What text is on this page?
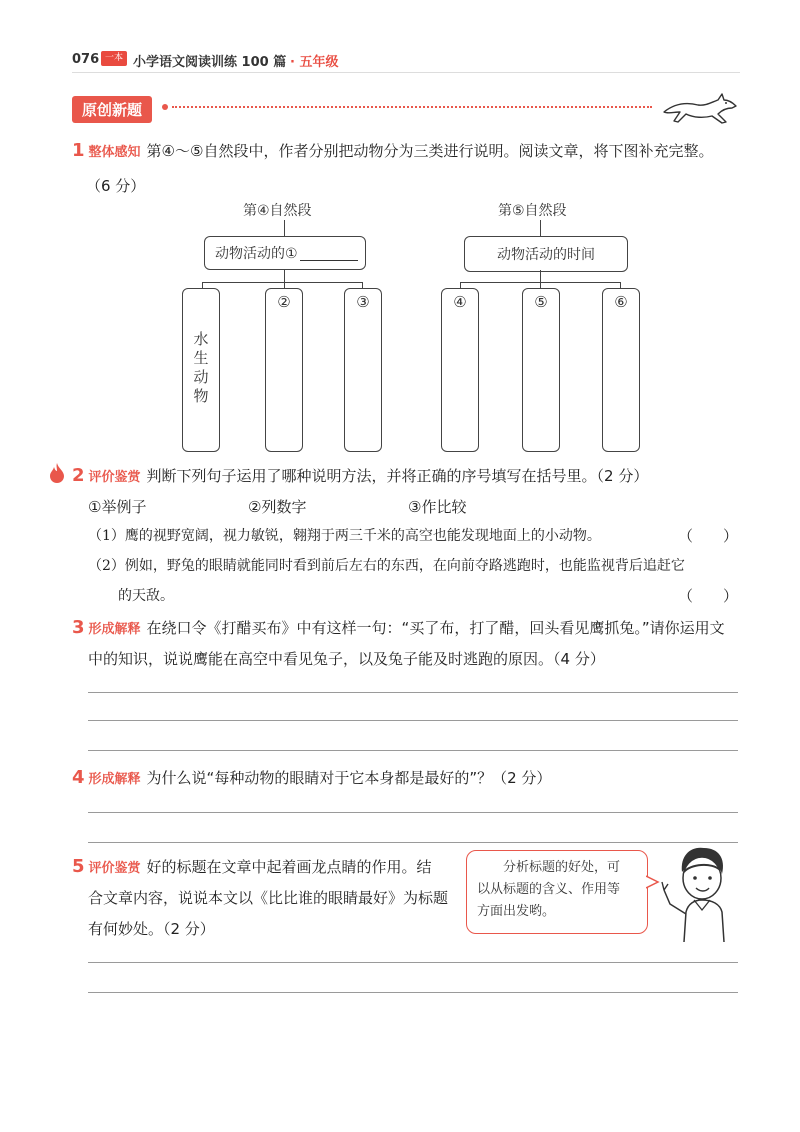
076 一本 小学语文阅读训练 100 篇 · 五年级
原创新题
1 整体感知 第④～⑤自然段中，作者分别把动物分为三类进行说明。阅读文章，将下图补充完整。
（6 分）
第④自然段
动物活动的①
水生动物
②	③
第⑤自然段
动物活动的时间
④	⑤	⑥
2 评价鉴赏 判断下列句子运用了哪种说明方法，并将正确的序号填写在括号里。（2 分）
①举例子	②列数字	③作比较
（1）鹰的视野宽阔，视力敏锐，翱翔于两三千米的高空也能发现地面上的小动物。	（　　）
（2）例如，野兔的眼睛就能同时看到前后左右的东西，在向前夺路逃跑时，也能监视背后追赶它
的天敌。	（　　）
3 形成解释 在绕口令《打醋买布》中有这样一句：“买了布，打了醋，回头看见鹰抓兔。”请你运用文
中的知识，说说鹰能在高空中看见兔子，以及兔子能及时逃跑的原因。（4 分）
4 形成解释 为什么说“每种动物的眼睛对于它本身都是最好的”？（2 分）
5 评价鉴赏 好的标题在文章中起着画龙点睛的作用。结
合文章内容，说说本文以《比比谁的眼睛最好》为标题
有何妙处。（2 分）
分析标题的好处，可
以从标题的含义、作用等
方面出发哟。
